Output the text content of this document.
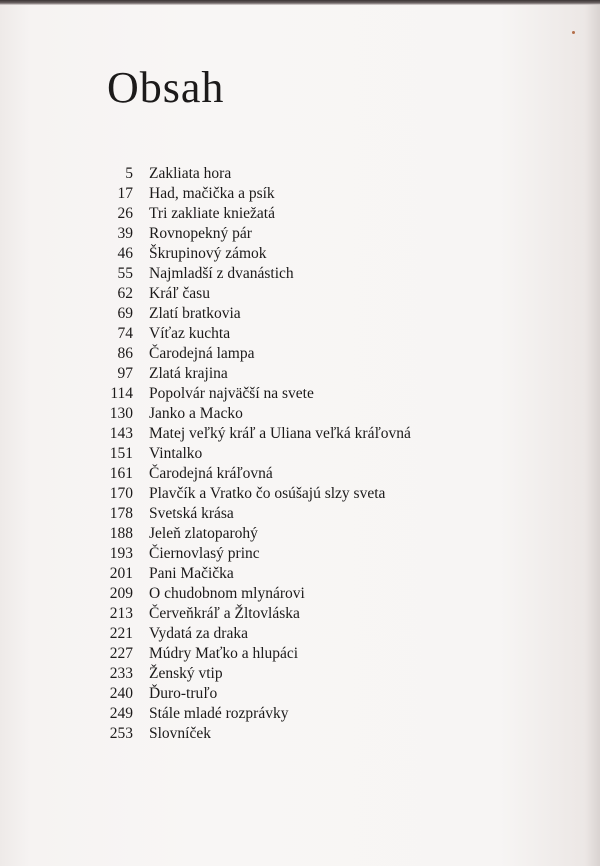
Obsah
5 Zakliata hora
17 Had, mačička a psík
26 Tri zakliate kniežatá
39 Rovnopekný pár
46 Škrupinový zámok
55 Najmladší z dvanástich
62 Kráľ času
69 Zlatí bratkovia
74 Víťaz kuchta
86 Čarodejná lampa
97 Zlatá krajina
114 Popolvár najväčší na svete
130 Janko a Macko
143 Matej veľký kráľ a Uliana veľká kráľovná
151 Vintalko
161 Čarodejná kráľovná
170 Plavčík a Vratko čo osúšajú slzy sveta
178 Svetská krása
188 Jeleň zlatoparohý
193 Čiernovlasý princ
201 Pani Mačička
209 O chudobnom mlynárovi
213 Červeňkráľ a Žltovláska
221 Vydatá za draka
227 Múdry Maťko a hlupáci
233 Ženský vtip
240 Ďuro-truľo
249 Stále mladé rozprávky
253 Slovníček
